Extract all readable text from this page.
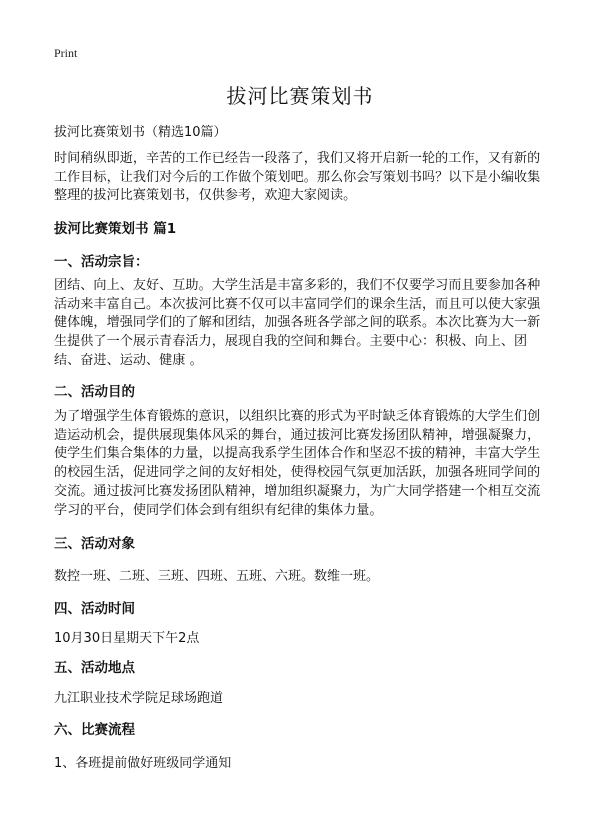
Print
拔河比赛策划书

拔河比赛策划书（精选10篇）

时间稍纵即逝，辛苦的工作已经告一段落了，我们又将开启新一轮的工作，又有新的工作目标，让我们对今后的工作做个策划吧。那么你会写策划书吗？以下是小编收集整理的拔河比赛策划书，仅供参考，欢迎大家阅读。

拔河比赛策划书 篇1
一、活动宗旨：

团结、向上、友好、互助。大学生活是丰富多彩的，我们不仅要学习而且要参加各种活动来丰富自己。本次拔河比赛不仅可以丰富同学们的课余生活，而且可以使大家强健体魄，增强同学们的了解和团结，加强各班各学部之间的联系。本次比赛为大一新生提供了一个展示青春活力，展现自我的空间和舞台。主要中心：积极、向上、团结、奋进、运动、健康 。

二、活动目的

为了增强学生体育锻炼的意识，以组织比赛的形式为平时缺乏体育锻炼的大学生们创造运动机会，提供展现集体风采的舞台，通过拔河比赛发扬团队精神，增强凝聚力，使学生们集合集体的力量，以提高我系学生团体合作和坚忍不拔的精神，丰富大学生的校园生活，促进同学之间的友好相处，使得校园气氛更加活跃，加强各班同学间的交流。通过拔河比赛发扬团队精神，增加组织凝聚力，为广大同学搭建一个相互交流学习的平台，使同学们体会到有组织有纪律的集体力量。

三、活动对象

数控一班、二班、三班、四班、五班、六班。数维一班。

四、活动时间

10月30日星期天下午2点

五、活动地点

九江职业技术学院足球场跑道

六、比赛流程

1、各班提前做好班级同学通知
